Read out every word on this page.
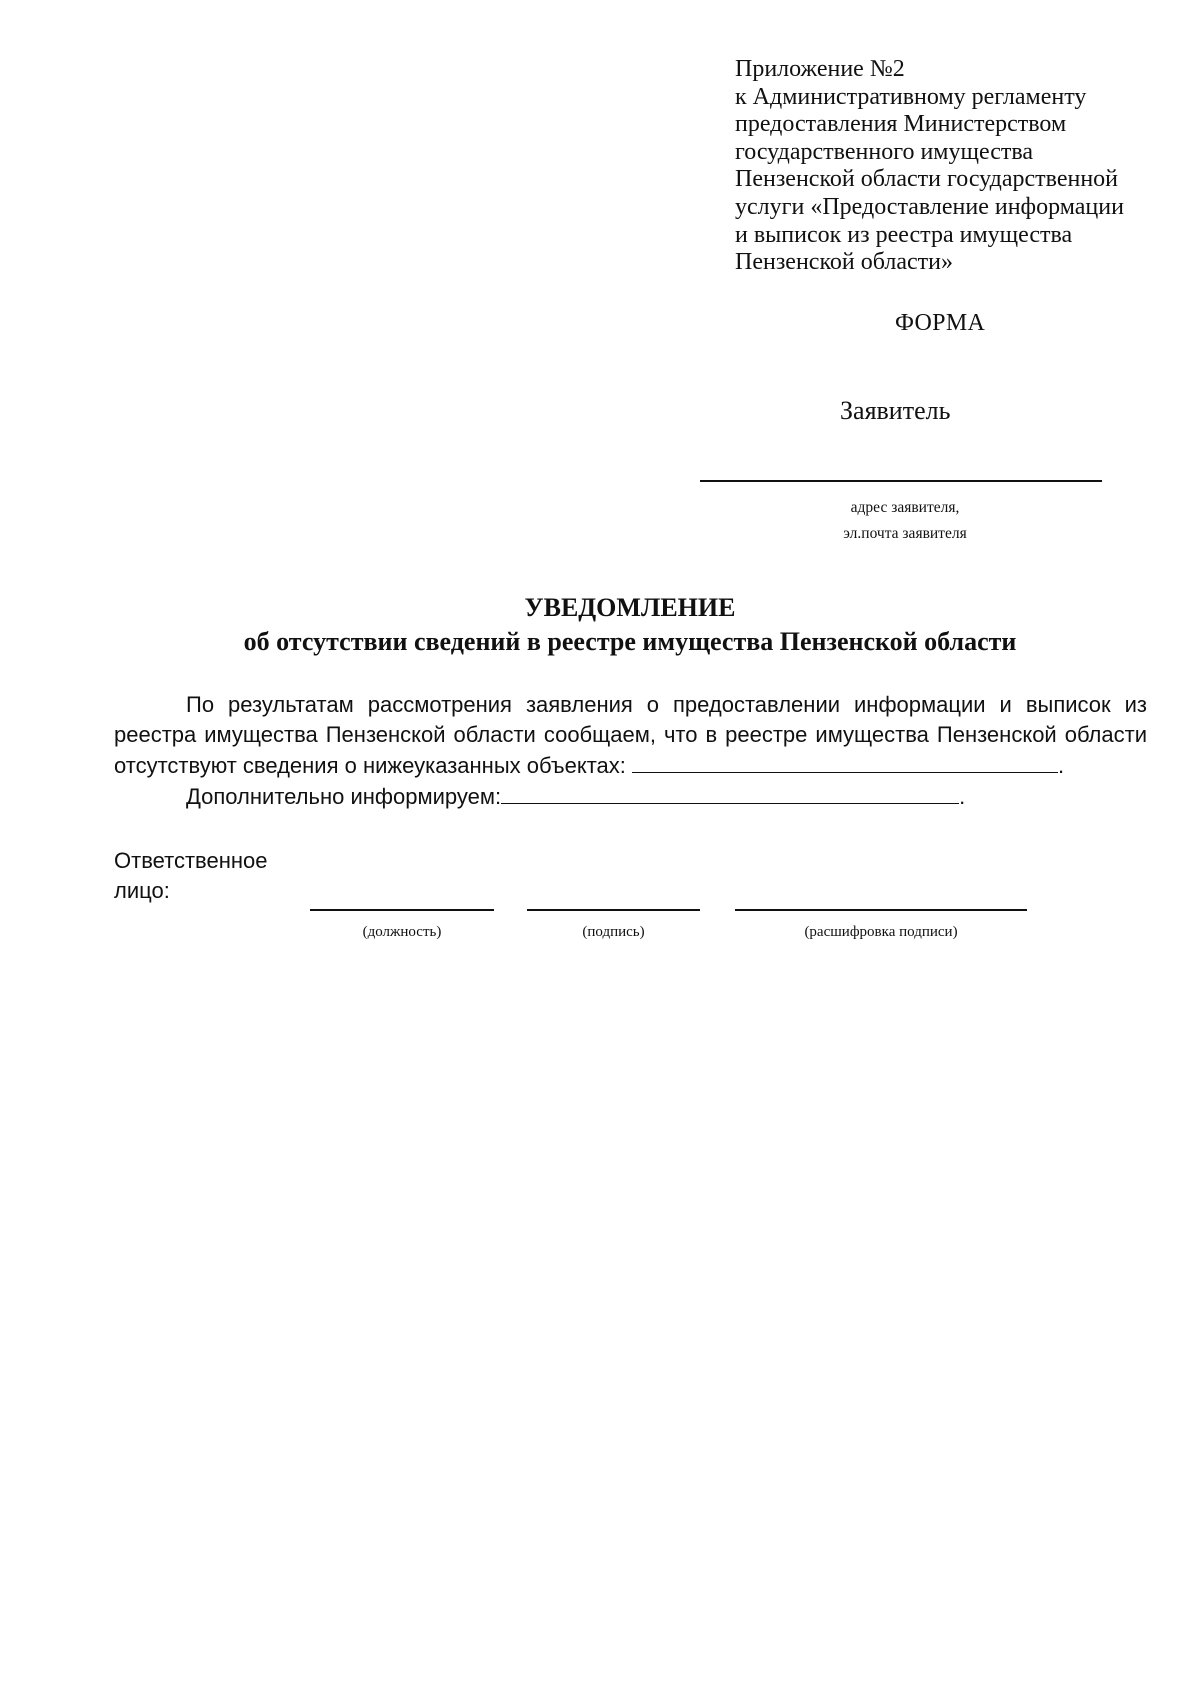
Приложение №2
к Административному регламенту
предоставления Министерством
государственного имущества
Пензенской области государственной
услуги «Предоставление информации
и выписок из реестра имущества
Пензенской области»
ФОРМА
Заявитель
адрес заявителя,
эл.почта заявителя
УВЕДОМЛЕНИЕ
об отсутствии сведений в реестре имущества Пензенской области

По результатам рассмотрения заявления о предоставлении информации и выписок из реестра имущества Пензенской области сообщаем, что в реестре имущества Пензенской области отсутствуют сведения о нижеуказанных объектах:	.

Дополнительно информируем:	.

Ответственное
лицо:
(должность)	(подпись)	(расшифровка подписи)
